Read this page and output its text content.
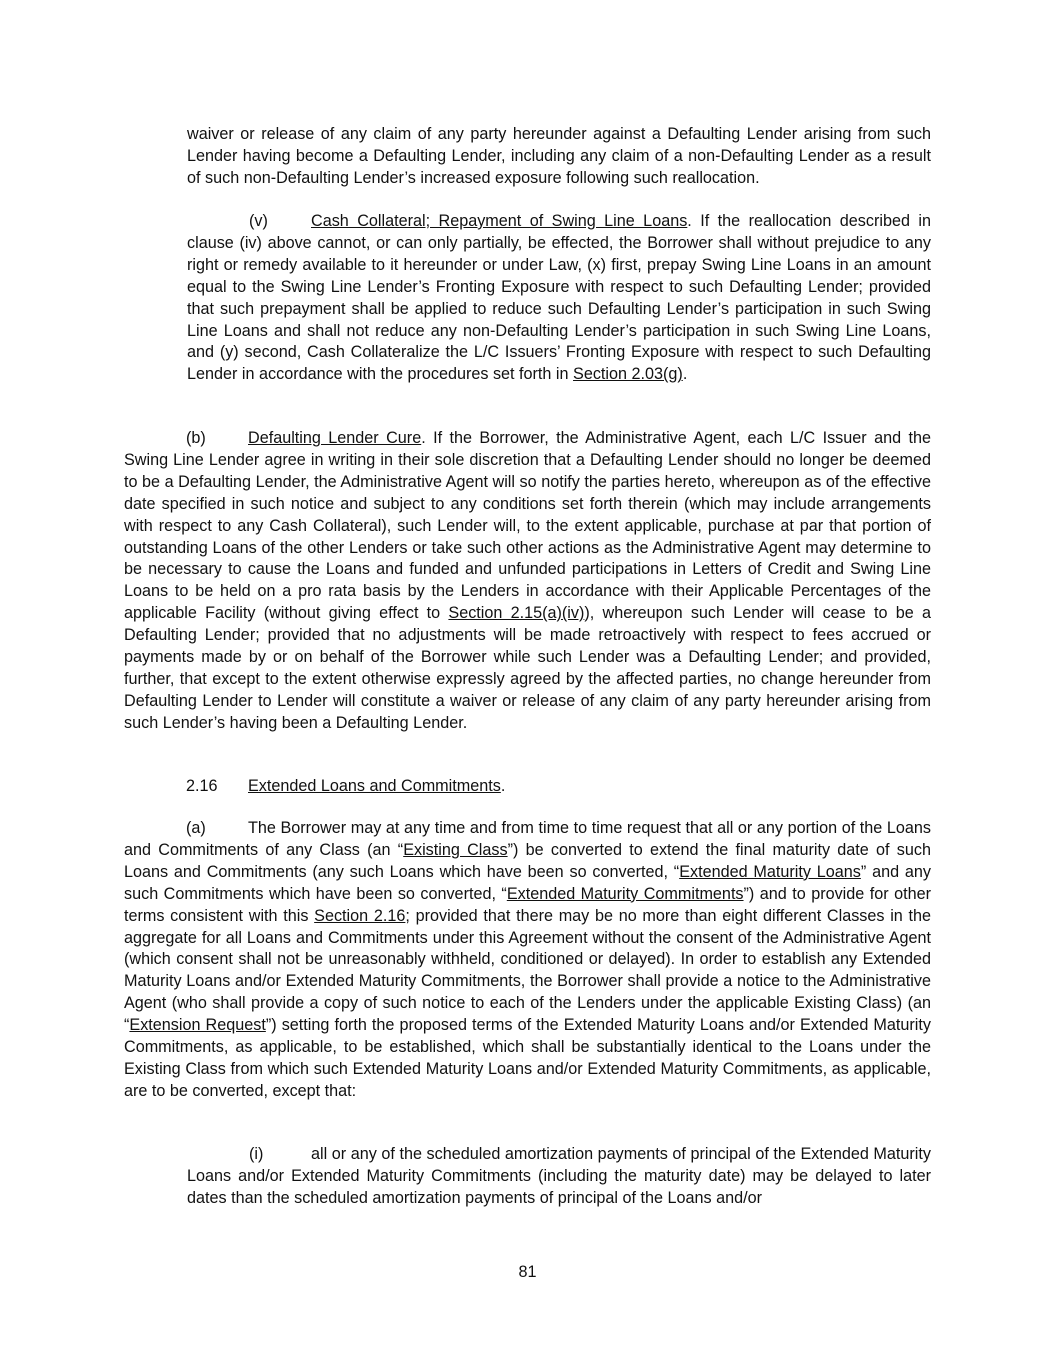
waiver or release of any claim of any party hereunder against a Defaulting Lender arising from such Lender having become a Defaulting Lender, including any claim of a non-Defaulting Lender as a result of such non-Defaulting Lender’s increased exposure following such reallocation.

(v)	Cash Collateral; Repayment of Swing Line Loans. If the reallocation described in clause (iv) above cannot, or can only partially, be effected, the Borrower shall without prejudice to any right or remedy available to it hereunder or under Law, (x) first, prepay Swing Line Loans in an amount equal to the Swing Line Lender’s Fronting Exposure with respect to such Defaulting Lender; provided that such prepayment shall be applied to reduce such Defaulting Lender’s participation in such Swing Line Loans and shall not reduce any non-Defaulting Lender’s participation in such Swing Line Loans, and (y) second, Cash Collateralize the L/C Issuers’ Fronting Exposure with respect to such Defaulting Lender in accordance with the procedures set forth in Section 2.03(g).

(b)	Defaulting Lender Cure. If the Borrower, the Administrative Agent, each L/C Issuer and the Swing Line Lender agree in writing in their sole discretion that a Defaulting Lender should no longer be deemed to be a Defaulting Lender, the Administrative Agent will so notify the parties hereto, whereupon as of the effective date specified in such notice and subject to any conditions set forth therein (which may include arrangements with respect to any Cash Collateral), such Lender will, to the extent applicable, purchase at par that portion of outstanding Loans of the other Lenders or take such other actions as the Administrative Agent may determine to be necessary to cause the Loans and funded and unfunded participations in Letters of Credit and Swing Line Loans to be held on a pro rata basis by the Lenders in accordance with their Applicable Percentages of the applicable Facility (without giving effect to Section 2.15(a)(iv)), whereupon such Lender will cease to be a Defaulting Lender; provided that no adjustments will be made retroactively with respect to fees accrued or payments made by or on behalf of the Borrower while such Lender was a Defaulting Lender; and provided, further, that except to the extent otherwise expressly agreed by the affected parties, no change hereunder from Defaulting Lender to Lender will constitute a waiver or release of any claim of any party hereunder arising from such Lender’s having been a Defaulting Lender.

2.16 Extended Loans and Commitments.

(a)	The Borrower may at any time and from time to time request that all or any portion of the Loans and Commitments of any Class (an “Existing Class”) be converted to extend the final maturity date of such Loans and Commitments (any such Loans which have been so converted, “Extended Maturity Loans” and any such Commitments which have been so converted, “Extended Maturity Commitments”) and to provide for other terms consistent with this Section 2.16; provided that there may be no more than eight different Classes in the aggregate for all Loans and Commitments under this Agreement without the consent of the Administrative Agent (which consent shall not be unreasonably withheld, conditioned or delayed). In order to establish any Extended Maturity Loans and/or Extended Maturity Commitments, the Borrower shall provide a notice to the Administrative Agent (who shall provide a copy of such notice to each of the Lenders under the applicable Existing Class) (an “Extension Request”) setting forth the proposed terms of the Extended Maturity Loans and/or Extended Maturity Commitments, as applicable, to be established, which shall be substantially identical to the Loans under the Existing Class from which such Extended Maturity Loans and/or Extended Maturity Commitments, as applicable, are to be converted, except that:

(i)	all or any of the scheduled amortization payments of principal of the Extended Maturity Loans and/or Extended Maturity Commitments (including the maturity date) may be delayed to later dates than the scheduled amortization payments of principal of the Loans and/or

81
